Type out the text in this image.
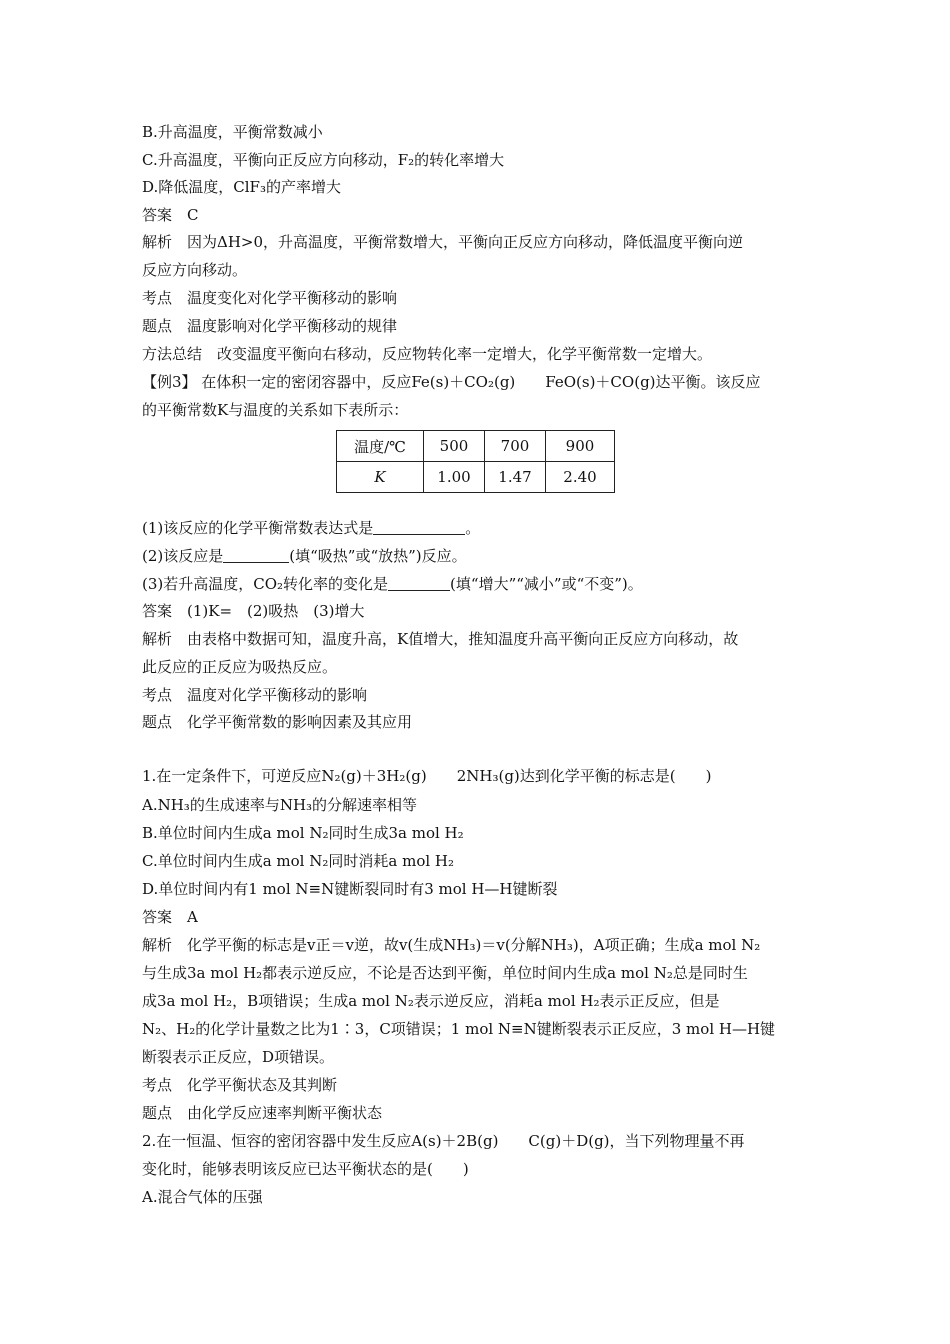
B.升高温度，平衡常数减小
C.升高温度，平衡向正反应方向移动，F₂的转化率增大
D.降低温度，ClF₃的产率增大
答案　C
解析　因为ΔH>0，升高温度，平衡常数增大，平衡向正反应方向移动，降低温度平衡向逆
反应方向移动。
考点　温度变化对化学平衡移动的影响
题点　温度影响对化学平衡移动的规律
方法总结　改变温度平衡向右移动，反应物转化率一定增大，化学平衡常数一定增大。
【例3】 在体积一定的密闭容器中，反应Fe(s)＋CO₂(g)　　FeO(s)＋CO(g)达平衡。该反应
的平衡常数K与温度的关系如下表所示：
温度/℃	500	700	900
K	1.00	1.47	2.40
(1)该反应的化学平衡常数表达式是	。
(2)该反应是	(填“吸热”或“放热”)反应。
(3)若升高温度，CO₂转化率的变化是	(填“增大”“减小”或“不变”)。
答案　(1)K=　(2)吸热　(3)增大
解析　由表格中数据可知，温度升高，K值增大，推知温度升高平衡向正反应方向移动，故
此反应的正反应为吸热反应。
考点　温度对化学平衡移动的影响
题点　化学平衡常数的影响因素及其应用
1.在一定条件下，可逆反应N₂(g)＋3H₂(g)　　2NH₃(g)达到化学平衡的标志是(　　)
A.NH₃的生成速率与NH₃的分解速率相等
B.单位时间内生成a mol N₂同时生成3a mol H₂
C.单位时间内生成a mol N₂同时消耗a mol H₂
D.单位时间内有1 mol N≡N键断裂同时有3 mol H—H键断裂
答案　A
解析　化学平衡的标志是v正＝v逆，故v(生成NH₃)＝v(分解NH₃)，A项正确；生成a mol N₂
与生成3a mol H₂都表示逆反应，不论是否达到平衡，单位时间内生成a mol N₂总是同时生
成3a mol H₂，B项错误；生成a mol N₂表示逆反应，消耗a mol H₂表示正反应，但是
N₂、H₂的化学计量数之比为1∶3，C项错误；1 mol N≡N键断裂表示正反应，3 mol H—H键
断裂表示正反应，D项错误。
考点　化学平衡状态及其判断
题点　由化学反应速率判断平衡状态
2.在一恒温、恒容的密闭容器中发生反应A(s)＋2B(g)　　C(g)＋D(g)，当下列物理量不再
变化时，能够表明该反应已达平衡状态的是(　　)
A.混合气体的压强
